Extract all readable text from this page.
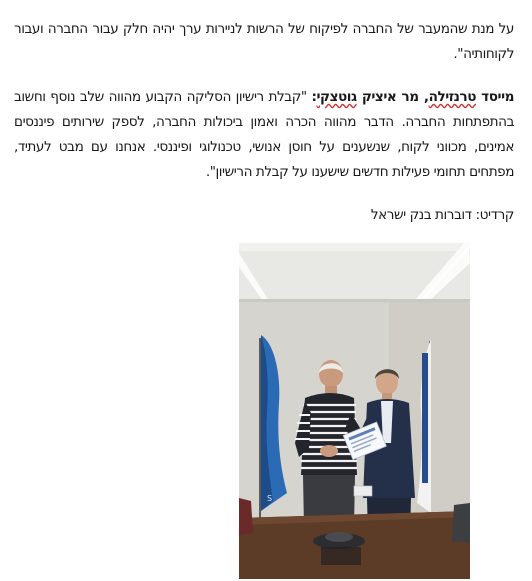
על מנת שהמעבר של החברה לפיקוח של הרשות לניירות ערך יהיה חלק עבור החברה ועבור לקוחותיה".

מייסד טרנזילה, מר איציק גוטצקי: "קבלת רישיון הסליקה הקבוע מהווה שלב נוסף וחשוב בהתפתחות החברה. הדבר מהווה הכרה ואמון ביכולות החברה, לספק שירותים פיננסים אמינים, מכווני לקוח, שנשענים על חוסן אנושי, טכנולוגי ופיננסי. אנחנו עם מבט לעתיד, מפתחים תחומי פעילות חדשים שישענו על קבלת הרישיון".

קרדיט: דוברות בנק ישראל

S
